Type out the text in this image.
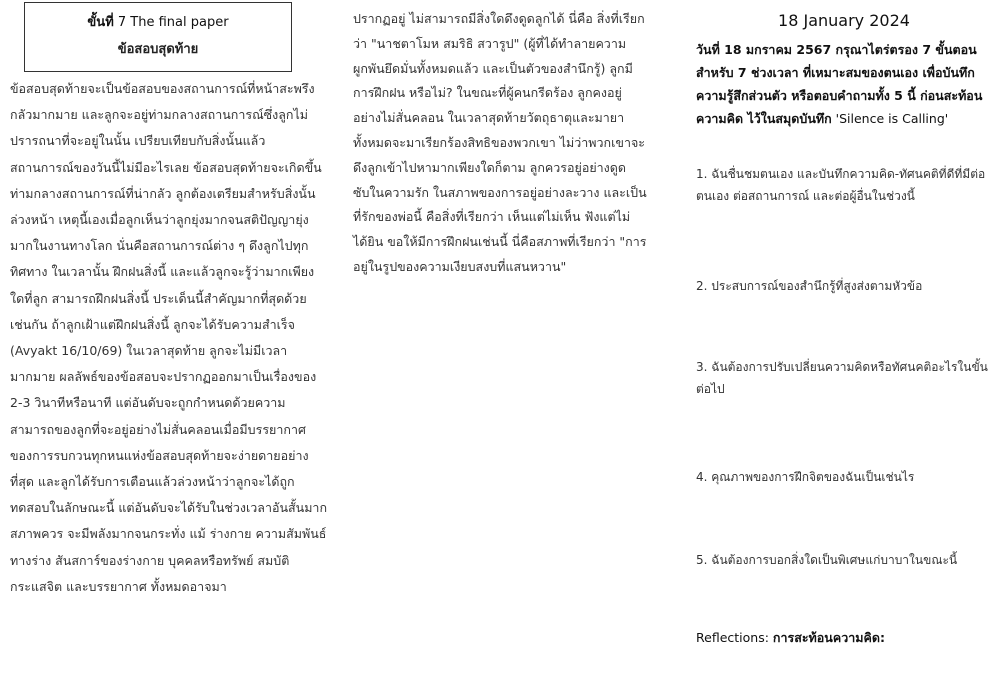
ขั้นที่ 7 The final paper
ข้อสอบสุดท้าย

ข้อสอบสุดท้ายจะเป็นข้อสอบของสถานการณ์ที่หน้าสะพรึงกลัวมากมาย และลูกจะอยู่ท่ามกลางสถานการณ์ซึ่งลูกไม่ปรารถนาที่จะอยู่ในนั้น เปรียบเทียบกับสิ่งนั้นแล้ว สถานการณ์ของวันนี้ไม่มีอะไรเลย ข้อสอบสุดท้ายจะเกิดขึ้นท่ามกลางสถานการณ์ที่น่ากลัว ลูกต้องเตรียมสำหรับสิ่งนั้นล่วงหน้า เหตุนี้เองเมื่อลูกเห็นว่าลูกยุ่งมากจนสติปัญญายุ่งมากในงานทางโลก นั่นคือสถานการณ์ต่าง ๆ ดึงลูกไปทุกทิศทาง ในเวลานั้น ฝึกฝนสิ่งนี้ และแล้วลูกจะรู้ว่ามากเพียงใดที่ลูก สามารถฝึกฝนสิ่งนี้ ประเด็นนี้สำคัญมากที่สุดด้วย เช่นกัน ถ้าลูกเฝ้าแต่ฝึกฝนสิ่งนี้ ลูกจะได้รับความสำเร็จ (Avyakt 16/10/69) ในเวลาสุดท้าย ลูกจะไม่มีเวลามากมาย ผลลัพธ์ของข้อสอบจะปรากฏออกมาเป็นเรื่องของ 2-3 วินาทีหรือนาที แต่อันดับจะถูกกำหนดด้วยความสามารถของลูกที่จะอยู่อย่างไม่สั่นคลอนเมื่อมีบรรยากาศของการรบกวนทุกหนแห่งข้อสอบสุดท้ายจะง่ายดายอย่างที่สุด และลูกได้รับการเตือนแล้วล่วงหน้าว่าลูกจะได้ถูกทดสอบในลักษณะนี้ แต่อันดับจะได้รับในช่วงเวลาอันสั้นมาก สภาพควร จะมีพลังมากจนกระทั่ง แม้ ร่างกาย ความสัมพันธ์ ทางร่าง สันสการ์ของร่างกาย บุคคลหรือทรัพย์ สมบัติ กระแสจิต และบรรยากาศ ทั้งหมดอาจมา

ปรากฏอยู่ ไม่สามารถมีสิ่งใดดึงดูดลูกได้ นี่คือ สิ่งที่เรียกว่า "นาชตาโมห สมริธิ สวารูป" (ผู้ที่ได้ทำลายความผูกพันยึดมั่นทั้งหมดแล้ว และเป็นตัวของสำนึกรู้) ลูกมีการฝึกฝน หรือไม่? ในขณะที่ผู้คนกรีดร้อง ลูกคงอยู่อย่างไม่สั่นคลอน ในเวลาสุดท้ายวัตถุธาตุและมายาทั้งหมดจะมาเรียกร้องสิทธิของพวกเขา ไม่ว่าพวกเขาจะดึงลูกเข้าไปหามากเพียงใดก็ตาม ลูกควรอยู่อย่างดูดซับในความรัก ในสภาพของการอยู่อย่างละวาง และเป็นที่รักของพ่อนี้ คือสิ่งที่เรียกว่า เห็นแต่ไม่เห็น ฟังแต่ไม่ได้ยิน ขอให้มีการฝึกฝนเช่นนี้ นี่คือสภาพที่เรียกว่า "การอยู่ในรูปของความเงียบสงบที่แสนหวาน"

18 January 2024

วันที่ 18 มกราคม 2567 กรุณาไตร่ตรอง 7 ขั้นตอน สำหรับ 7 ช่วงเวลา ที่เหมาะสมของตนเอง เพื่อบันทึกความรู้สึกส่วนตัว หรือตอบคำถามทั้ง 5 นี้ ก่อนสะท้อนความคิด ไว้ในสมุดบันทึก 'Silence is Calling'

1. ฉันชื่นชมตนเอง และบันทึกความคิด-ทัศนคติที่ดีที่มีต่อตนเอง ต่อสถานการณ์ และต่อผู้อื่นในช่วงนี้

2. ประสบการณ์ของสำนึกรู้ที่สูงส่งตามหัวข้อ

3. ฉันต้องการปรับเปลี่ยนความคิดหรือทัศนคติอะไรในขั้นต่อไป

4. คุณภาพของการฝึกจิตของฉันเป็นเช่นไร

5. ฉันต้องการบอกสิ่งใดเป็นพิเศษแก่บาบาในขณะนี้

Reflections: การสะท้อนความคิด:
